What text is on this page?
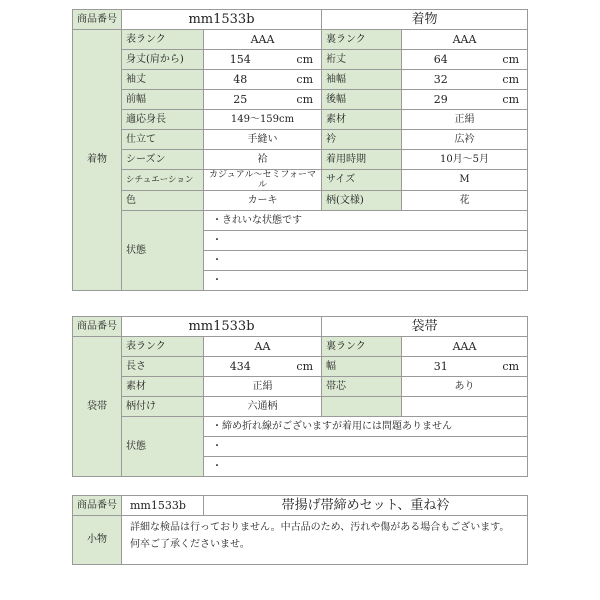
商品番号	mm1533b		着物	
着物	表ランク	AAA	裏ランク	AAA
	身丈(肩から)	154 cm	裄丈	64 cm

	袖丈	48 cm	袖幅	32 cm

	前幅	25 cm	後幅	29 cm

	適応身長	149〜159cm	素材	正絹
	仕立て	手縫い	衿	広衿
	シーズン	袷	着用時期	10月〜5月
	シチュエーション	カジュアル〜セミフォーマル	サイズ	M
	色	カーキ	柄(文様)	花
	状態	・きれいな状態です		
		・		
		・		
		・		
商品番号	mm1533b		袋帯	
袋帯	表ランク	AA	裏ランク	AAA
	長さ	434 cm	幅	31 cm

	素材	正絹	帯芯	あり
	柄付け	六通柄		
	状態	・締め折れ線がございますが着用には問題ありません		
		・		
		・		
商品番号	mm1533b	帯揚げ帯締めセット、重ね衿
小物	詳細な検品は行っておりません。中古品のため、汚れや傷がある場合もございます。何卒ご了承くださいませ。	
